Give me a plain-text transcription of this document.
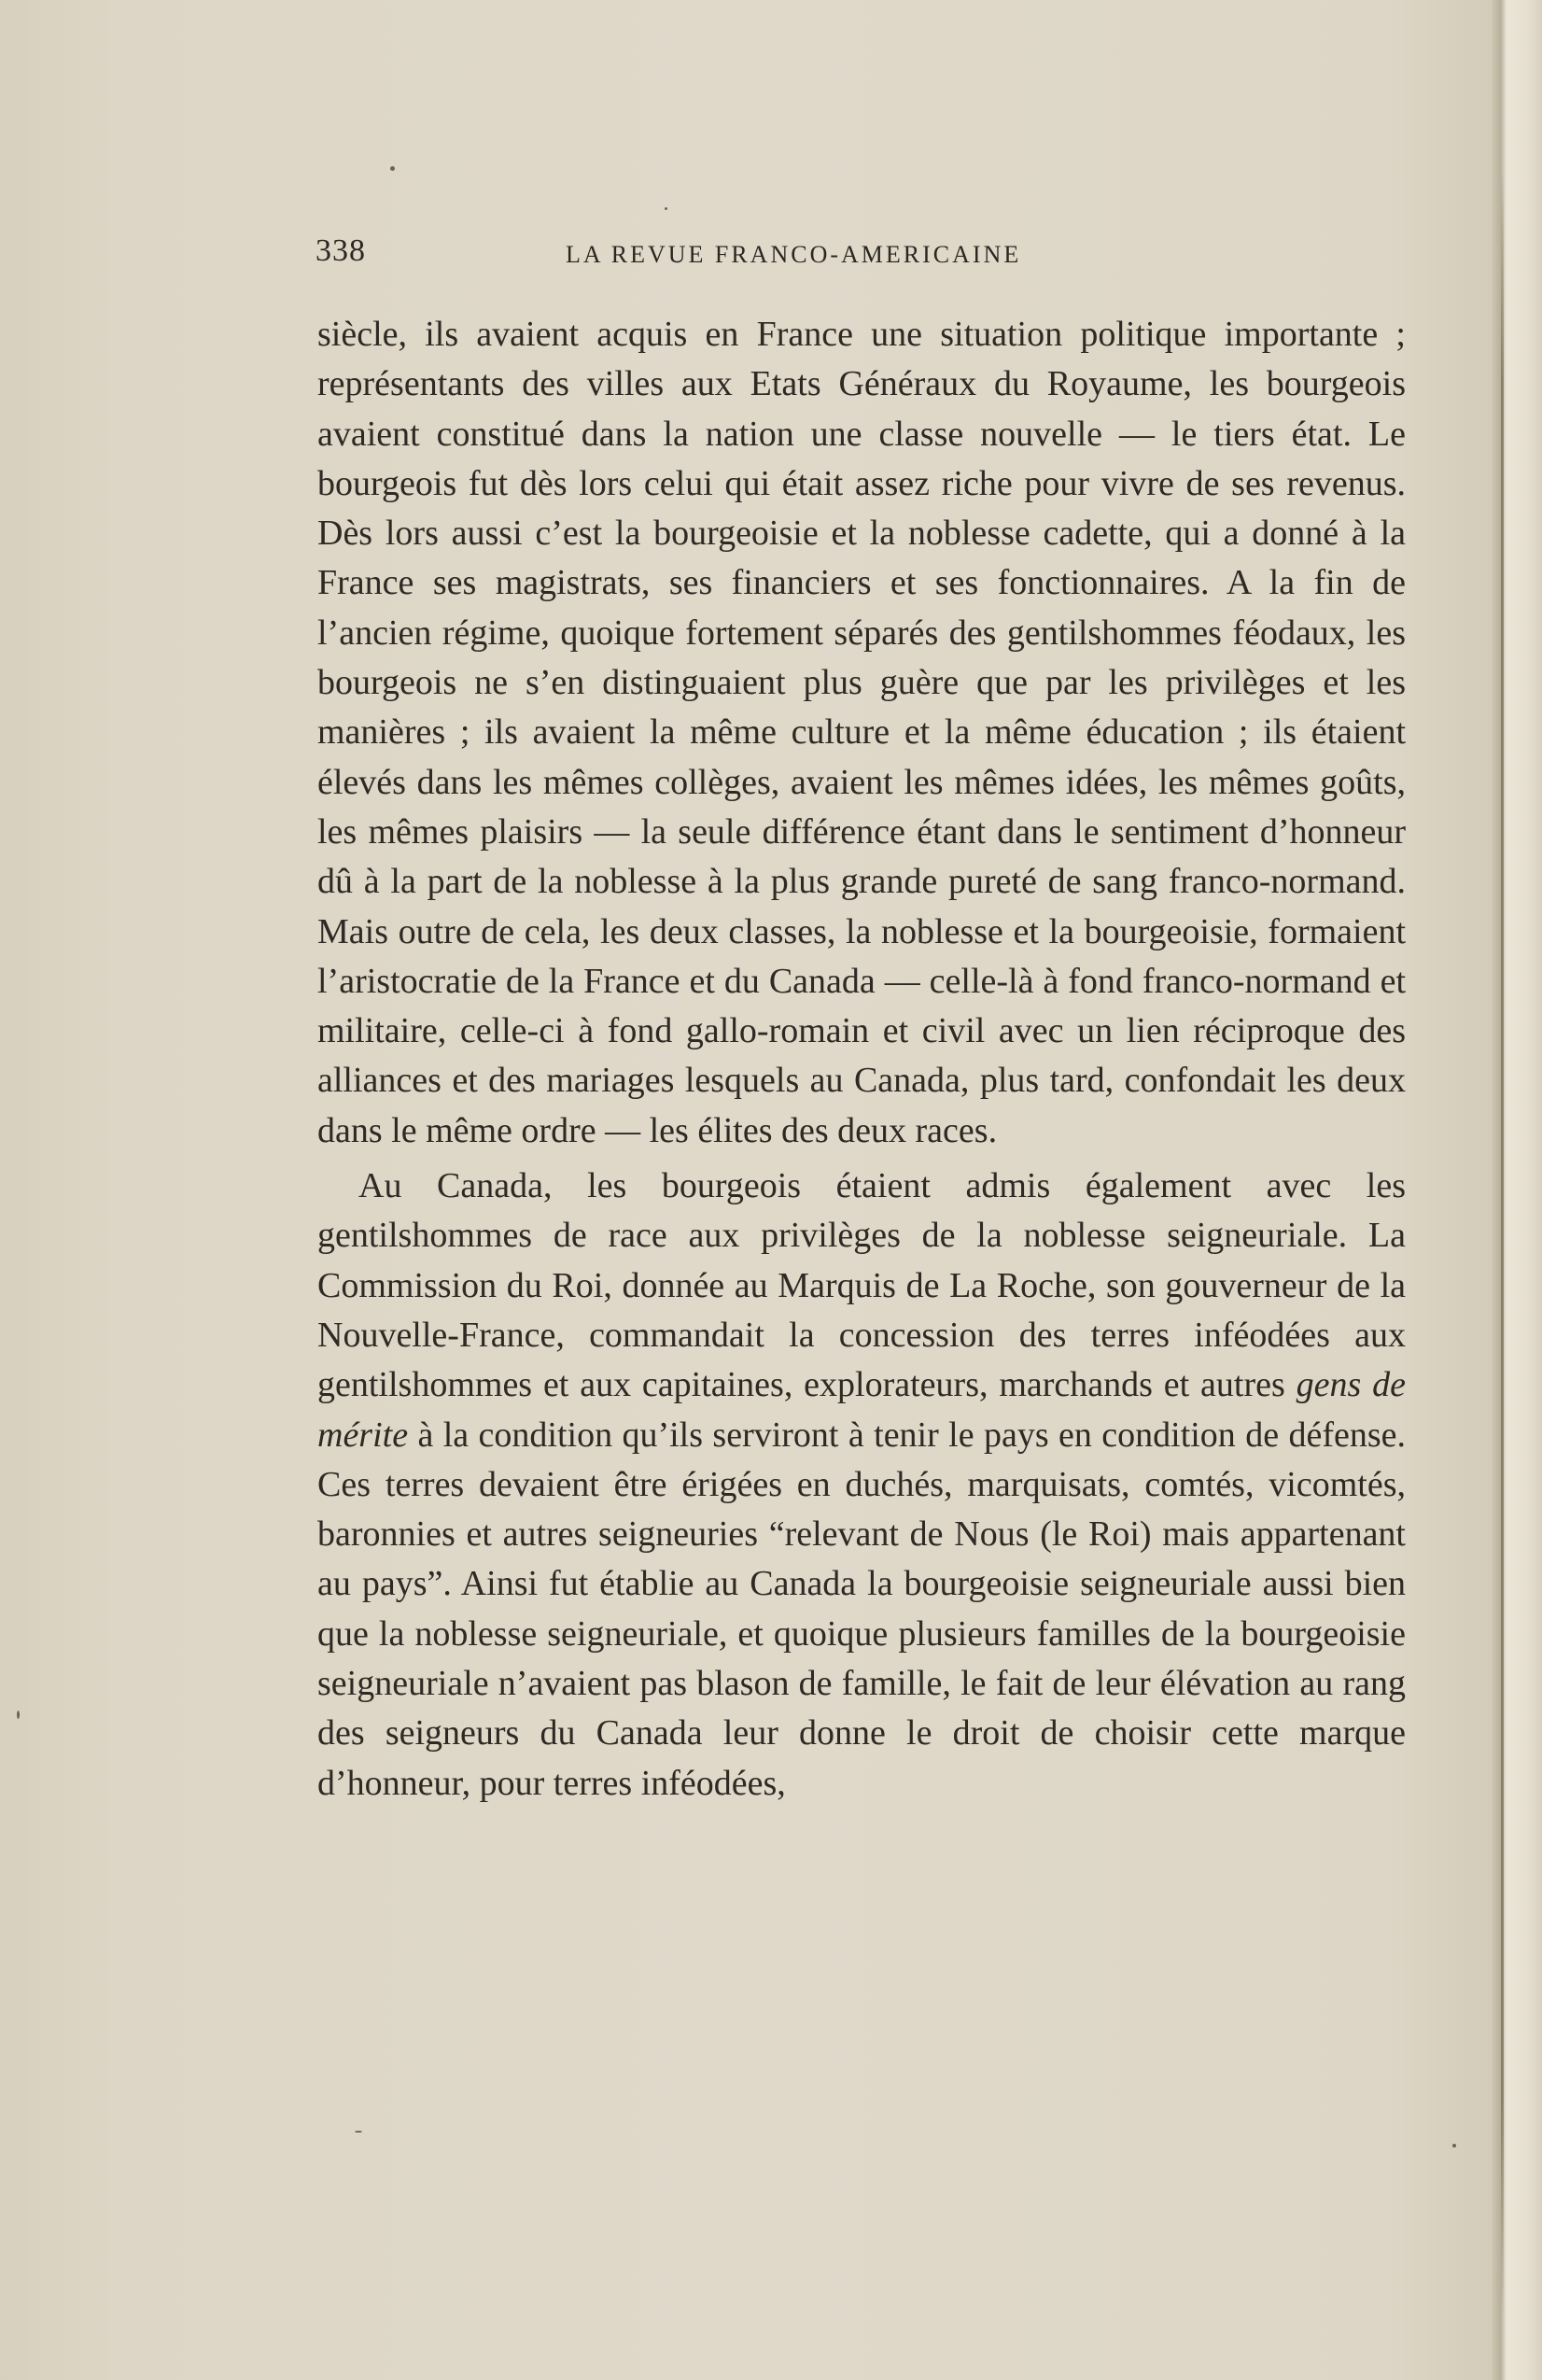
338	LA REVUE FRANCO-AMERICAINE

siècle, ils avaient acquis en France une situation politique importante ; représentants des villes aux Etats Généraux du Royaume, les bourgeois avaient constitué dans la nation une classe nouvelle — le tiers état. Le bourgeois fut dès lors celui qui était assez riche pour vivre de ses revenus. Dès lors aussi c’est la bourgeoisie et la noblesse cadette, qui a donné à la France ses magistrats, ses financiers et ses fonctionnaires. A la fin de l’ancien régime, quoique fortement séparés des gentilshommes féodaux, les bourgeois ne s’en distinguaient plus guère que par les privilèges et les manières ; ils avaient la même culture et la même éducation ; ils étaient élevés dans les mêmes collèges, avaient les mêmes idées, les mêmes goûts, les mêmes plaisirs — la seule différence étant dans le sentiment d’honneur dû à la part de la noblesse à la plus grande pureté de sang franco-normand. Mais outre de cela, les deux classes, la noblesse et la bourgeoisie, formaient l’aristocratie de la France et du Canada — celle-là à fond franco-normand et militaire, celle-ci à fond gallo-romain et civil avec un lien réciproque des alliances et des mariages lesquels au Canada, plus tard, confondait les deux dans le même ordre — les élites des deux races.

Au Canada, les bourgeois étaient admis également avec les gentilshommes de race aux privilèges de la noblesse seigneuriale. La Commission du Roi, donnée au Marquis de La Roche, son gouverneur de la Nouvelle-France, commandait la concession des terres inféodées aux gentilshommes et aux capitaines, explorateurs, marchands et autres gens de mérite à la condition qu’ils serviront à tenir le pays en condition de défense. Ces terres devaient être érigées en duchés, marquisats, comtés, vicomtés, baronnies et autres seigneuries “relevant de Nous (le Roi) mais appartenant au pays”. Ainsi fut établie au Canada la bourgeoisie seigneuriale aussi bien que la noblesse seigneuriale, et quoique plusieurs familles de la bourgeoisie seigneuriale n’avaient pas blason de famille, le fait de leur élévation au rang des seigneurs du Canada leur donne le droit de choisir cette marque d’honneur, pour terres inféodées,
